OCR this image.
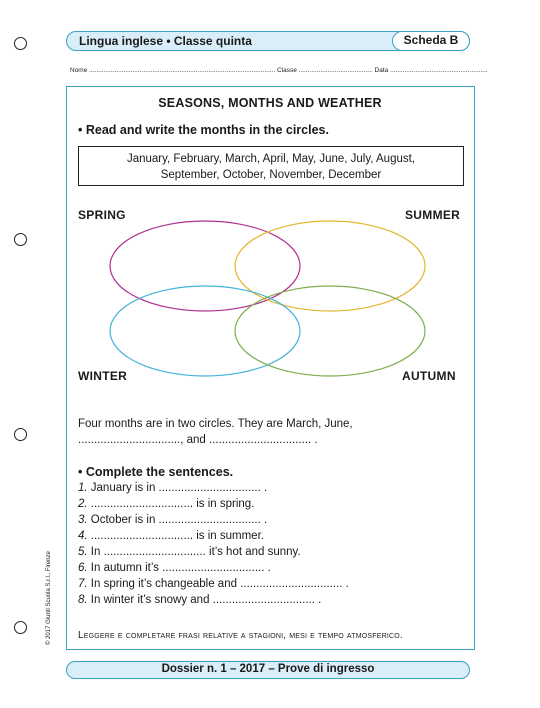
Lingua inglese • Classe quinta	Scheda B
Nome ....................................................................................................... Classe ......................................... Data ......................................................
SEASONS, MONTHS AND WEATHER
• Read and write the months in the circles.
January, February, March, April, May, June, July, August,
September, October, November, December
SPRING	SUMMER
WINTER	AUTUMN
Four months are in two circles. They are March, June,
................................, and ................................ .
• Complete the sentences.
1. January is in ................................ .
2. ................................ is in spring.
3. October is in ................................ .
4. ................................ is in summer.
5. In ................................ it’s hot and sunny.
6. In autumn it’s ................................ .
7. In spring it’s changeable and ................................ .
8. In winter it’s snowy and ................................ .
Leggere e completare frasi relative a stagioni, mesi e tempo atmosferico.
© 2017 Giunti Scuola S.r.l., Firenze
Dossier n. 1 – 2017 – Prove di ingresso
